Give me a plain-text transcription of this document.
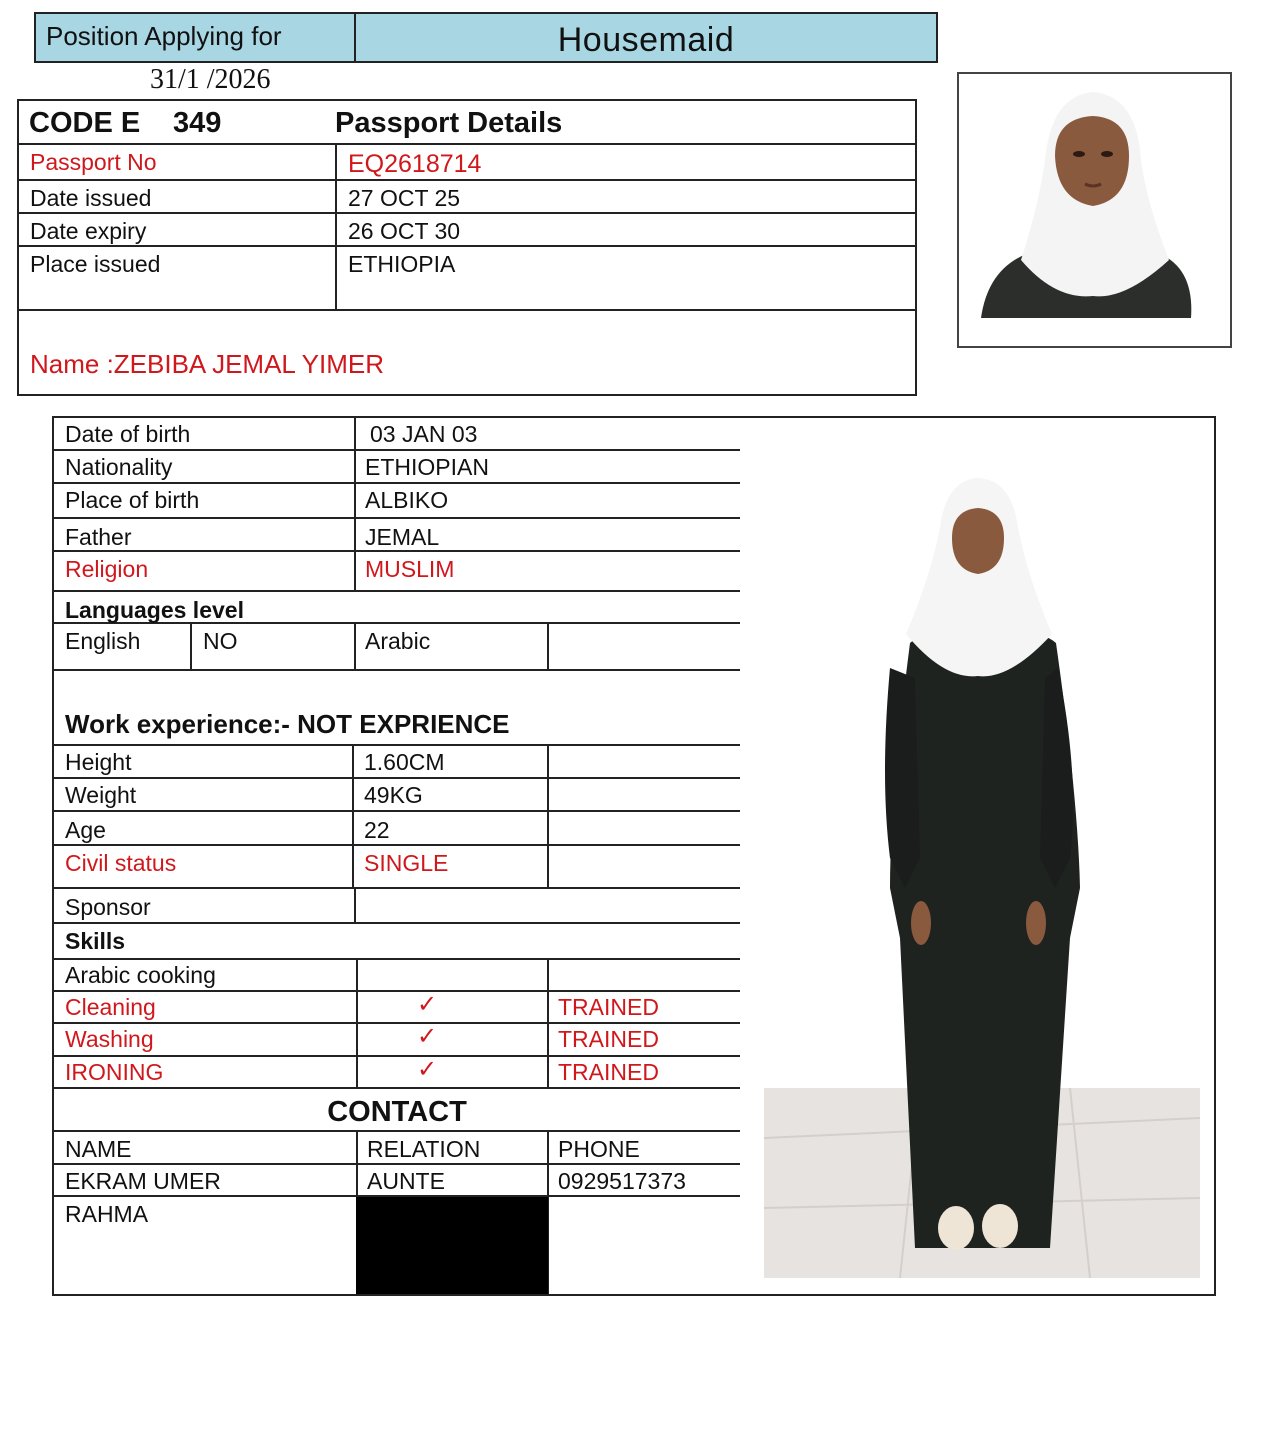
Position Applying for	Housemaid
31/1 /2026
CODE E 349	Passport Details
Passport No	EQ2618714
Date issued	27 OCT 25
Date expiry	26 OCT 30
Place issued	ETHIOPIA
Name :ZEBIBA JEMAL YIMER
Date of birth	03 JAN 03
Nationality	ETHIOPIAN
Place of birth	ALBIKO
Father	JEMAL
Religion	MUSLIM
Languages level
English	NO	Arabic
Work experience:- NOT EXPRIENCE
Height	1.60CM
Weight	49KG
Age	22
Civil status	SINGLE
Sponsor
Skills
Arabic cooking
Cleaning	✓	TRAINED
Washing	✓	TRAINED
IRONING	✓	TRAINED
CONTACT
NAME	RELATION	PHONE
EKRAM UMER	AUNTE	0929517373
RAHMA
